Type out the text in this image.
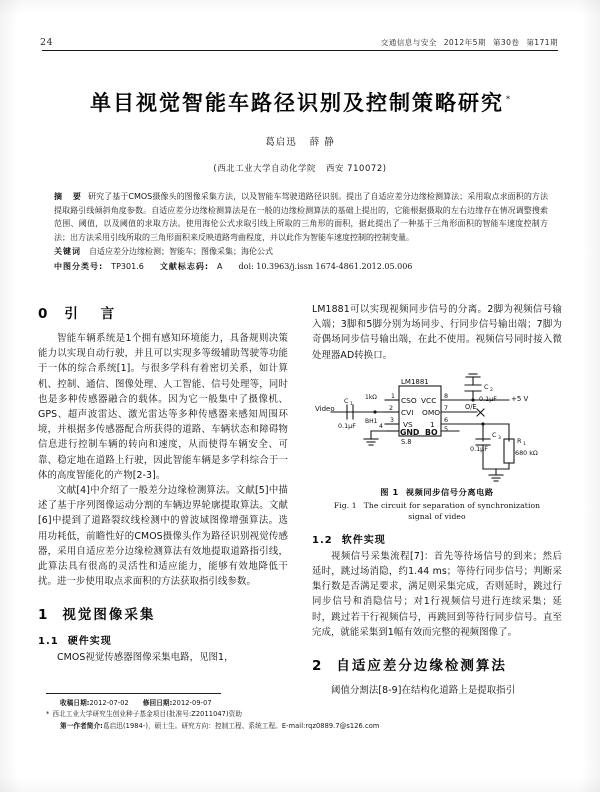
24	交通信息与安全 2012年5期 第30卷 第171期
单目视觉智能车路径识别及控制策略研究 *
葛启迅 薛 静
(西北工业大学自动化学院 西安 710072)
摘 要 研究了基于CMOS摄像头的图像采集方法，以及智能车驾驶道路径识别。提出了自适应差分边缘检测算法；采用取点求面积的方法提取路引线倾斜角度参数。自适应差分边缘检测算法是在一般的边缘检测算法的基础上提出的，它能根据摄取的左右边缘存在情况调整搜索范围、阈值，以及阈值的求取方法。使用海伦公式求取引线上所取的三角形的面积，据此提出了一种基于三角形面积的智能车速度控制方法；出方法采用引线所取的三角形面积来反映道路弯曲程度，并以此作为智能车速度控制的控制变量。
关键词 自适应差分边缘检测；智能车；图像采集；海伦公式
中图分类号: TP301.6 文献标志码: A doi: 10.3963/j.issn 1674-4861.2012.05.006
0 引 言

智能车辆系统是1个拥有感知环境能力，具备规则决策能力以实现自动行驶，并且可以实现多等级辅助驾驶等功能于一体的综合系统[1]。与很多学科有着密切关系，如计算机、控制、通信、图像处理、人工智能、信号处理等，同时也是多种传感器融合的载体。因为它一般集中了摄像机、GPS、超声波雷达、激光雷达等多种传感器来感知周围环境，并根据多传感器配合所获得的道路、车辆状态和障碍物信息进行控制车辆的转向和速度，从而使得车辆安全、可靠、稳定地在道路上行驶，因此智能车辆是多学科综合于一体的高度智能化的产物[2-3]。

文献[4]中介绍了一般差分边缘检测算法。文献[5]中描述了基于序列图像运动分割的车辆边界轮廓提取算法。文献[6]中提到了道路裂纹线检测中的曾波域图像增强算法。选用功耗低，前瞻性好的CMOS摄像头作为路径识别视觉传感器，采用自适应差分边缘检测算法有效地提取道路指引线，此算法具有很高的灵活性和适应能力，能够有效地降低干扰。进一步使用取点求面积的方法获取指引线参数。

1 视觉图像采集
1.1 硬件实现

CMOS视觉传感器图像采集电路，见图1，

收稿日期:2012-07-02 修回日期:2012-09-07
* 西北工业大学研究生创业种子基金项目(批准号:Z2011047)资助
第一作者简介:葛启迅(1984-)，硕士生。研究方向：控制工程、系统工程。E-mail:rqz0889.7@s126.com

LM1881可以实现视频同步信号的分离。2脚为视频信号输入端；3脚和5脚分别为场同步、行同步信号输出端；7脚为奇偶场同步信号输出端，在此不使用。视频信号同时接入微处理器AD转换口。

LM1881
CSO
CVI
VS
GND
VCC
OMO
1
BO
S.8
1
2
3
4
8
7
6
5
Video
C 1
0.1μF
1kΩ
BH1
C 2
0.1μF +5 V
O/E
C 3
0.1μF
R 1
680 kΩ
图 1 视频同步信号分离电路
Fig. 1 The circuit for separation of synchronization
signal of video
1.2 软件实现

视频信号采集流程[7]：首先等待场信号的到来；然后延时，跳过场消隐，约1.44 ms；等待行同步信号；判断采集行数是否满足要求，满足则采集完成，否则延时，跳过行同步信号和消隐信号；对1行视频信号进行连续采集；延时，跳过若干行视频信号，再跳回到等待行同步信号。直至完成，就能采集到1幅有效而完整的视频图像了。

2 自适应差分边缘检测算法

阈值分割法[8-9]在结构化道路上是提取指引
